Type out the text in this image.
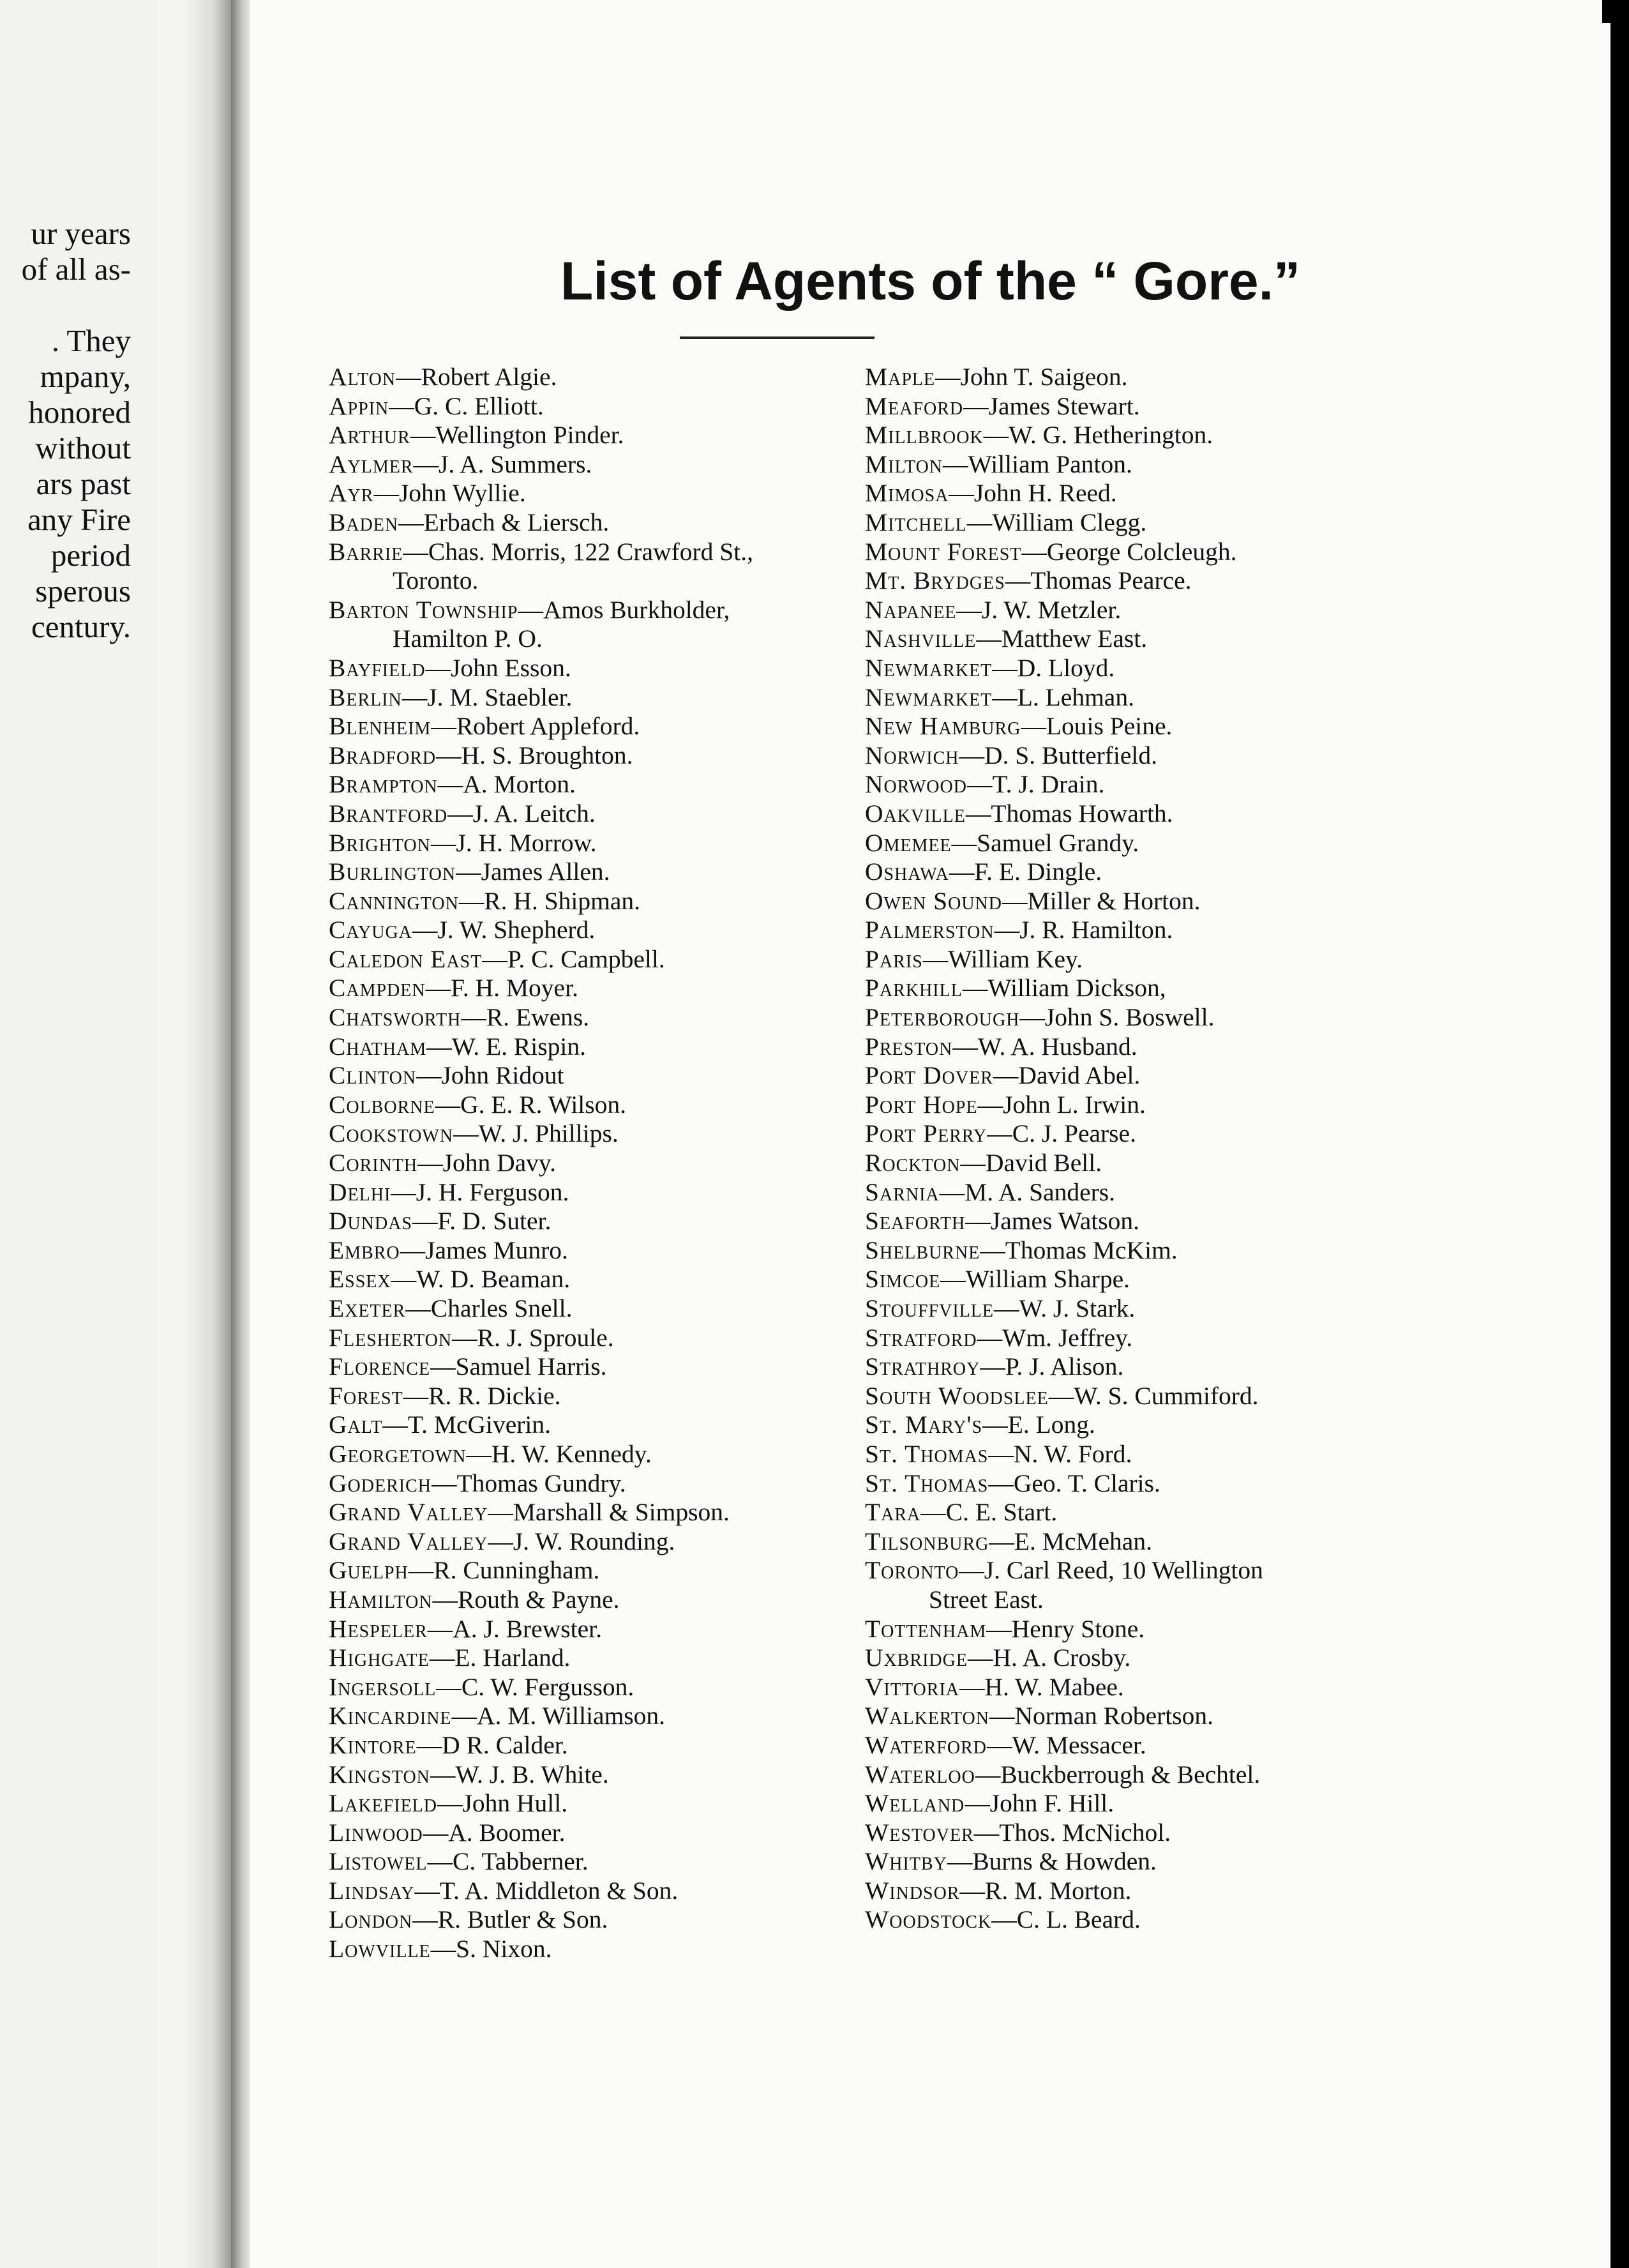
ur years
of all as-
. They
mpany,
honored
without
ars past
any Fire
period
sperous
century.
List of Agents of the “ Gore.”
Alton—Robert Algie.
Appin—G. C. Elliott.
Arthur—Wellington Pinder.
Aylmer—J. A. Summers.
Ayr—John Wyllie.
Baden—Erbach & Liersch.
Barrie—Chas. Morris, 122 Crawford St.,
Toronto.
Barton Township—Amos Burkholder,
Hamilton P. O.
Bayfield—John Esson.
Berlin—J. M. Staebler.
Blenheim—Robert Appleford.
Bradford—H. S. Broughton.
Brampton—A. Morton.
Brantford—J. A. Leitch.
Brighton—J. H. Morrow.
Burlington—James Allen.
Cannington—R. H. Shipman.
Cayuga—J. W. Shepherd.
Caledon East—P. C. Campbell.
Campden—F. H. Moyer.
Chatsworth—R. Ewens.
Chatham—W. E. Rispin.
Clinton—John Ridout
Colborne—G. E. R. Wilson.
Cookstown—W. J. Phillips.
Corinth—John Davy.
Delhi—J. H. Ferguson.
Dundas—F. D. Suter.
Embro—James Munro.
Essex—W. D. Beaman.
Exeter—Charles Snell.
Flesherton—R. J. Sproule.
Florence—Samuel Harris.
Forest—R. R. Dickie.
Galt—T. McGiverin.
Georgetown—H. W. Kennedy.
Goderich—Thomas Gundry.
Grand Valley—Marshall & Simpson.
Grand Valley—J. W. Rounding.
Guelph—R. Cunningham.
Hamilton—Routh & Payne.
Hespeler—A. J. Brewster.
Highgate—E. Harland.
Ingersoll—C. W. Fergusson.
Kincardine—A. M. Williamson.
Kintore—D R. Calder.
Kingston—W. J. B. White.
Lakefield—John Hull.
Linwood—A. Boomer.
Listowel—C. Tabberner.
Lindsay—T. A. Middleton & Son.
London—R. Butler & Son.
Lowville—S. Nixon.
Maple—John T. Saigeon.
Meaford—James Stewart.
Millbrook—W. G. Hetherington.
Milton—William Panton.
Mimosa—John H. Reed.
Mitchell—William Clegg.
Mount Forest—George Colcleugh.
Mt. Brydges—Thomas Pearce.
Napanee—J. W. Metzler.
Nashville—Matthew East.
Newmarket—D. Lloyd.
Newmarket—L. Lehman.
New Hamburg—Louis Peine.
Norwich—D. S. Butterfield.
Norwood—T. J. Drain.
Oakville—Thomas Howarth.
Omemee—Samuel Grandy.
Oshawa—F. E. Dingle.
Owen Sound—Miller & Horton.
Palmerston—J. R. Hamilton.
Paris—William Key.
Parkhill—William Dickson,
Peterborough—John S. Boswell.
Preston—W. A. Husband.
Port Dover—David Abel.
Port Hope—John L. Irwin.
Port Perry—C. J. Pearse.
Rockton—David Bell.
Sarnia—M. A. Sanders.
Seaforth—James Watson.
Shelburne—Thomas McKim.
Simcoe—William Sharpe.
Stouffville—W. J. Stark.
Stratford—Wm. Jeffrey.
Strathroy—P. J. Alison.
South Woodslee—W. S. Cummiford.
St. Mary's—E. Long.
St. Thomas—N. W. Ford.
St. Thomas—Geo. T. Claris.
Tara—C. E. Start.
Tilsonburg—E. McMehan.
Toronto—J. Carl Reed, 10 Wellington
Street East.
Tottenham—Henry Stone.
Uxbridge—H. A. Crosby.
Vittoria—H. W. Mabee.
Walkerton—Norman Robertson.
Waterford—W. Messacer.
Waterloo—Buckberrough & Bechtel.
Welland—John F. Hill.
Westover—Thos. McNichol.
Whitby—Burns & Howden.
Windsor—R. M. Morton.
Woodstock—C. L. Beard.
